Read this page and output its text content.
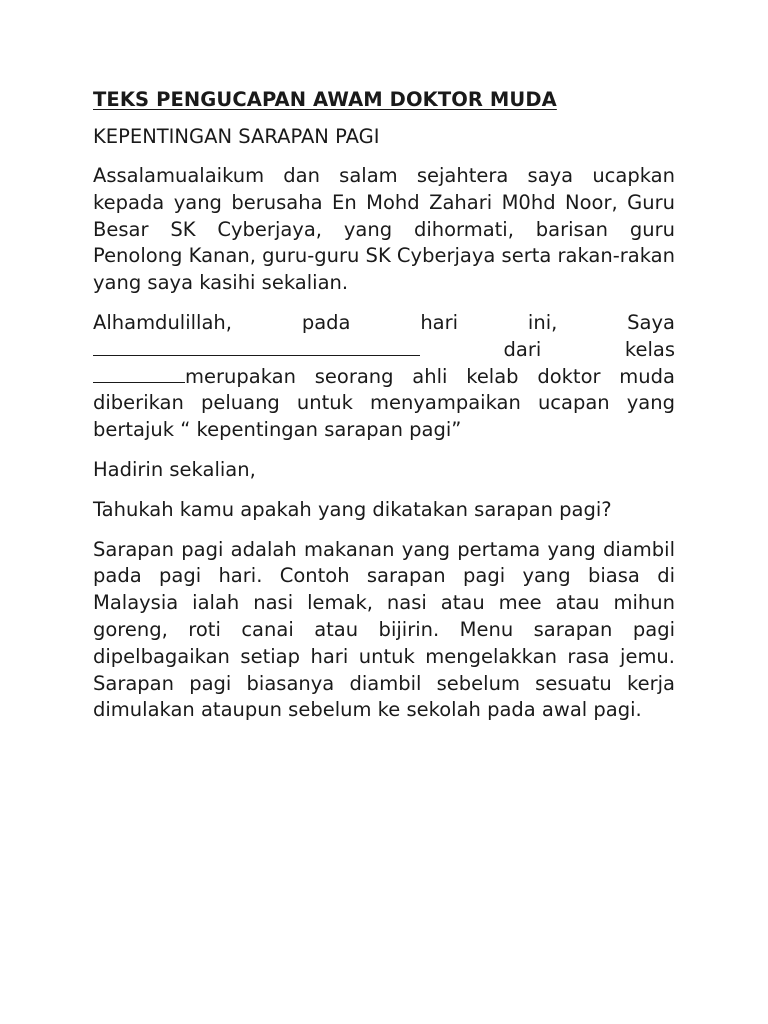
TEKS PENGUCAPAN AWAM DOKTOR MUDA
KEPENTINGAN SARAPAN PAGI

Assalamualaikum dan salam sejahtera saya ucapkan kepada yang berusaha En Mohd Zahari M0hd Noor, Guru Besar SK Cyberjaya, yang dihormati, barisan guru Penolong Kanan, guru-guru SK Cyberjaya serta rakan-rakan yang saya kasihi sekalian.

Alhamdulillah,	pada	hari	ini,	Saya
dari	kelas

merupakan seorang ahli kelab doktor muda diberikan peluang untuk menyampaikan ucapan yang bertajuk “ kepentingan sarapan pagi”

Hadirin sekalian,

Tahukah kamu apakah yang dikatakan sarapan pagi?

Sarapan pagi adalah makanan yang pertama yang diambil pada pagi hari. Contoh sarapan pagi yang biasa di Malaysia ialah nasi lemak, nasi atau mee atau mihun goreng, roti canai atau bijirin. Menu sarapan pagi dipelbagaikan setiap hari untuk mengelakkan rasa jemu. Sarapan pagi biasanya diambil sebelum sesuatu kerja dimulakan ataupun sebelum ke sekolah pada awal pagi.
